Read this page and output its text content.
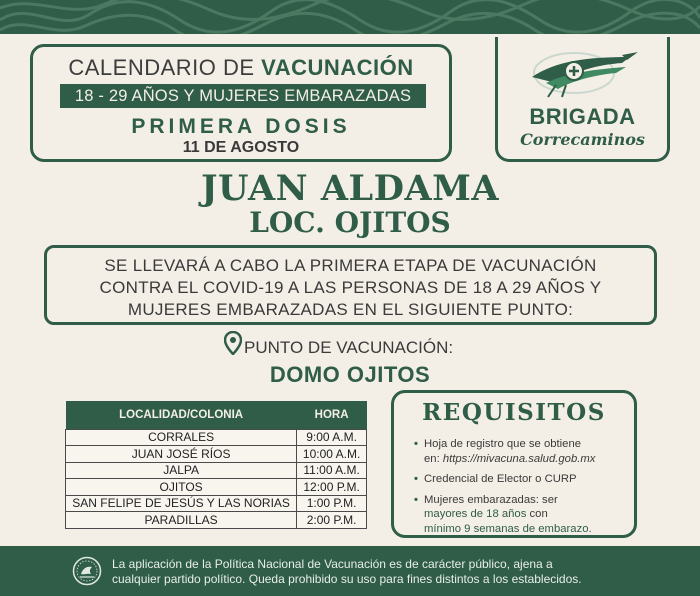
CALENDARIO DE VACUNACIÓN
18 - 29 AÑOS Y MUJERES EMBARAZADAS
PRIMERA DOSIS
11 DE AGOSTO
BRIGADA
Correcaminos
JUAN ALDAMA
LOC. OJITOS
SE LLEVARÁ A CABO LA PRIMERA ETAPA DE VACUNACIÓN
CONTRA EL COVID-19 A LAS PERSONAS DE 18 A 29 AÑOS Y
MUJERES EMBARAZADAS EN EL SIGUIENTE PUNTO:
PUNTO DE VACUNACIÓN:
DOMO OJITOS
LOCALIDAD/COLONIA	HORA
CORRALES	9:00 A.M.
JUAN JOSÉ RÍOS	10:00 A.M.
JALPA	11:00 A.M.
OJITOS	12:00 P.M.
SAN FELIPE DE JESÚS Y LAS NORIAS	1:00 P.M.
PARADILLAS	2:00 P.M.
REQUISITOS
• Hoja de registro que se obtiene
en: https://mivacuna.salud.gob.mx
• Credencial de Elector o CURP
• Mujeres embarazadas: ser
mayores de 18 años con
mínimo 9 semanas de embarazo.
La aplicación de la Política Nacional de Vacunación es de carácter público, ajena a
cualquier partido político. Queda prohibido su uso para fines distintos a los establecidos.
